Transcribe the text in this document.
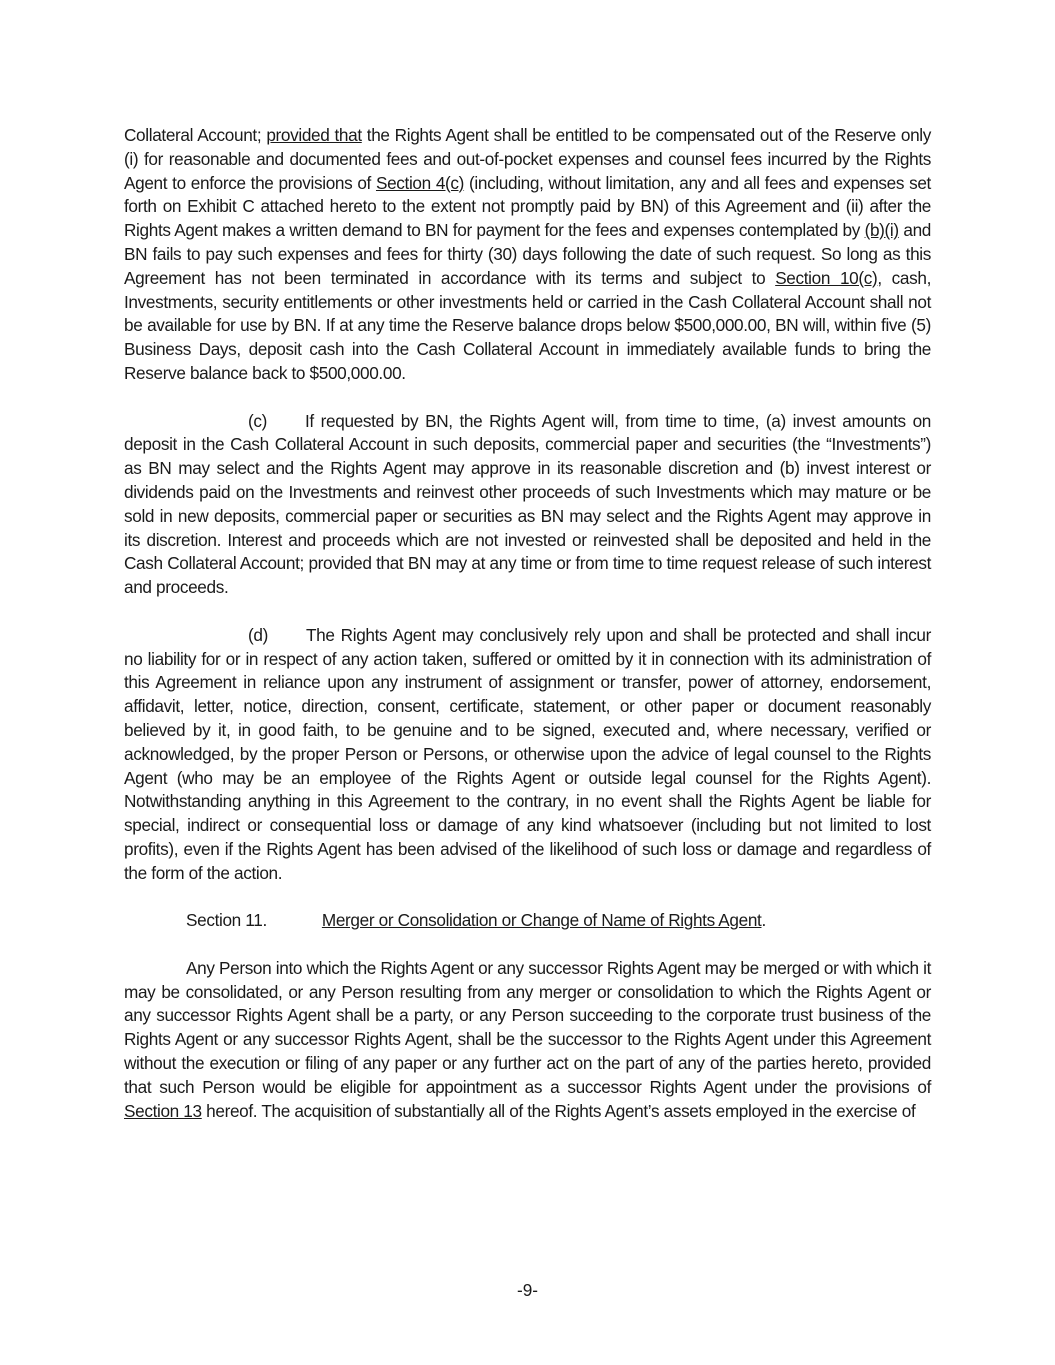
Collateral Account; provided that the Rights Agent shall be entitled to be compensated out of the Reserve only (i) for reasonable and documented fees and out-of-pocket expenses and counsel fees incurred by the Rights Agent to enforce the provisions of Section 4(c) (including, without limitation, any and all fees and expenses set forth on Exhibit C attached hereto to the extent not promptly paid by BN) of this Agreement and (ii) after the Rights Agent makes a written demand to BN for payment for the fees and expenses contemplated by (b)(i) and BN fails to pay such expenses and fees for thirty (30) days following the date of such request. So long as this Agreement has not been terminated in accordance with its terms and subject to Section 10(c), cash, Investments, security entitlements or other investments held or carried in the Cash Collateral Account shall not be available for use by BN. If at any time the Reserve balance drops below $500,000.00, BN will, within five (5) Business Days, deposit cash into the Cash Collateral Account in immediately available funds to bring the Reserve balance back to $500,000.00.

(c) If requested by BN, the Rights Agent will, from time to time, (a) invest amounts on deposit in the Cash Collateral Account in such deposits, commercial paper and securities (the “Investments”) as BN may select and the Rights Agent may approve in its reasonable discretion and (b) invest interest or dividends paid on the Investments and reinvest other proceeds of such Investments which may mature or be sold in new deposits, commercial paper or securities as BN may select and the Rights Agent may approve in its discretion. Interest and proceeds which are not invested or reinvested shall be deposited and held in the Cash Collateral Account; provided that BN may at any time or from time to time request release of such interest and proceeds.

(d) The Rights Agent may conclusively rely upon and shall be protected and shall incur no liability for or in respect of any action taken, suffered or omitted by it in connection with its administration of this Agreement in reliance upon any instrument of assignment or transfer, power of attorney, endorsement, affidavit, letter, notice, direction, consent, certificate, statement, or other paper or document reasonably believed by it, in good faith, to be genuine and to be signed, executed and, where necessary, verified or acknowledged, by the proper Person or Persons, or otherwise upon the advice of legal counsel to the Rights Agent (who may be an employee of the Rights Agent or outside legal counsel for the Rights Agent). Notwithstanding anything in this Agreement to the contrary, in no event shall the Rights Agent be liable for special, indirect or consequential loss or damage of any kind whatsoever (including but not limited to lost profits), even if the Rights Agent has been advised of the likelihood of such loss or damage and regardless of the form of the action.

Section 11.	Merger or Consolidation or Change of Name of Rights Agent.

Any Person into which the Rights Agent or any successor Rights Agent may be merged or with which it may be consolidated, or any Person resulting from any merger or consolidation to which the Rights Agent or any successor Rights Agent shall be a party, or any Person succeeding to the corporate trust business of the Rights Agent or any successor Rights Agent, shall be the successor to the Rights Agent under this Agreement without the execution or filing of any paper or any further act on the part of any of the parties hereto, provided that such Person would be eligible for appointment as a successor Rights Agent under the provisions of Section 13 hereof. The acquisition of substantially all of the Rights Agent’s assets employed in the exercise of

-9-
